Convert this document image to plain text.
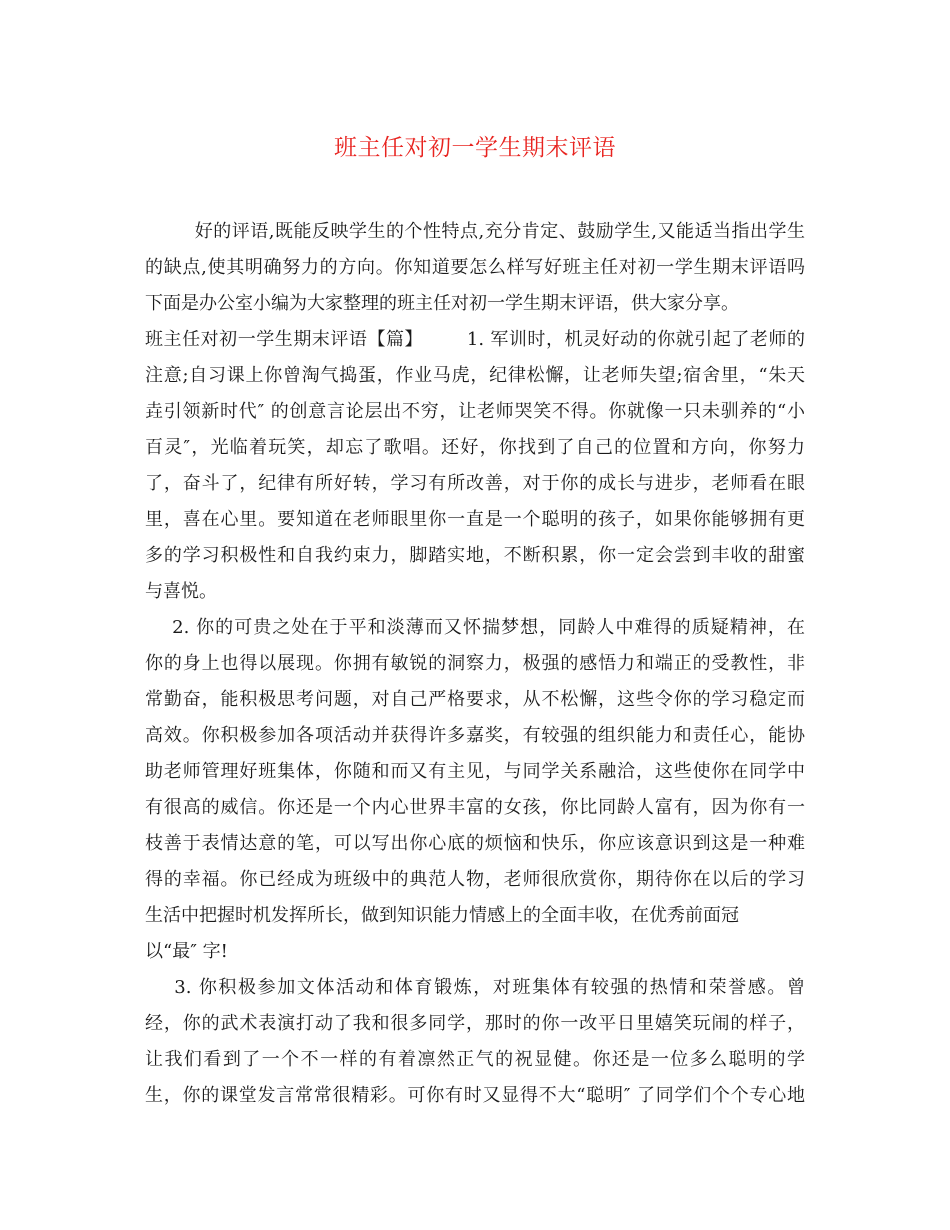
班主任对初一学生期末评语
好的评语,既能反映学生的个性特点,充分肯定、鼓励学生,又能适当指出学生
的缺点,使其明确努力的方向。你知道要怎么样写好班主任对初一学生期末评语吗
下面是办公室小编为大家整理的班主任对初一学生期末评语，供大家分享。
班主任对初一学生期末评语【篇】       1. 军训时，机灵好动的你就引起了老师的
注意;自习课上你曾淘气捣蛋，作业马虎，纪律松懈，让老师失望;宿舍里，“朱天
垚引领新时代″ 的创意言论层出不穷，让老师哭笑不得。你就像一只未驯养的“小
百灵″，光临着玩笑，却忘了歌唱。还好，你找到了自己的位置和方向，你努力
了，奋斗了，纪律有所好转，学习有所改善，对于你的成长与进步，老师看在眼
里，喜在心里。要知道在老师眼里你一直是一个聪明的孩子，如果你能够拥有更
多的学习积极性和自我约束力，脚踏实地，不断积累，你一定会尝到丰收的甜蜜
与喜悦。
2. 你的可贵之处在于平和淡薄而又怀揣梦想，同龄人中难得的质疑精神，在
你的身上也得以展现。你拥有敏锐的洞察力，极强的感悟力和端正的受教性，非
常勤奋，能积极思考问题，对自己严格要求，从不松懈，这些令你的学习稳定而
高效。你积极参加各项活动并获得许多嘉奖，有较强的组织能力和责任心，能协
助老师管理好班集体，你随和而又有主见，与同学关系融洽，这些使你在同学中
有很高的威信。你还是一个内心世界丰富的女孩，你比同龄人富有，因为你有一
枝善于表情达意的笔，可以写出你心底的烦恼和快乐，你应该意识到这是一种难
得的幸福。你已经成为班级中的典范人物，老师很欣赏你，期待你在以后的学习
生活中把握时机发挥所长，做到知识能力情感上的全面丰收，在优秀前面冠
以“最″ 字!
3. 你积极参加文体活动和体育锻炼，对班集体有较强的热情和荣誉感。曾
经，你的武术表演打动了我和很多同学，那时的你一改平日里嬉笑玩闹的样子，
让我们看到了一个不一样的有着凛然正气的祝显健。你还是一位多么聪明的学
生，你的课堂发言常常很精彩。可你有时又显得不大“聪明″ 了同学们个个专心地
